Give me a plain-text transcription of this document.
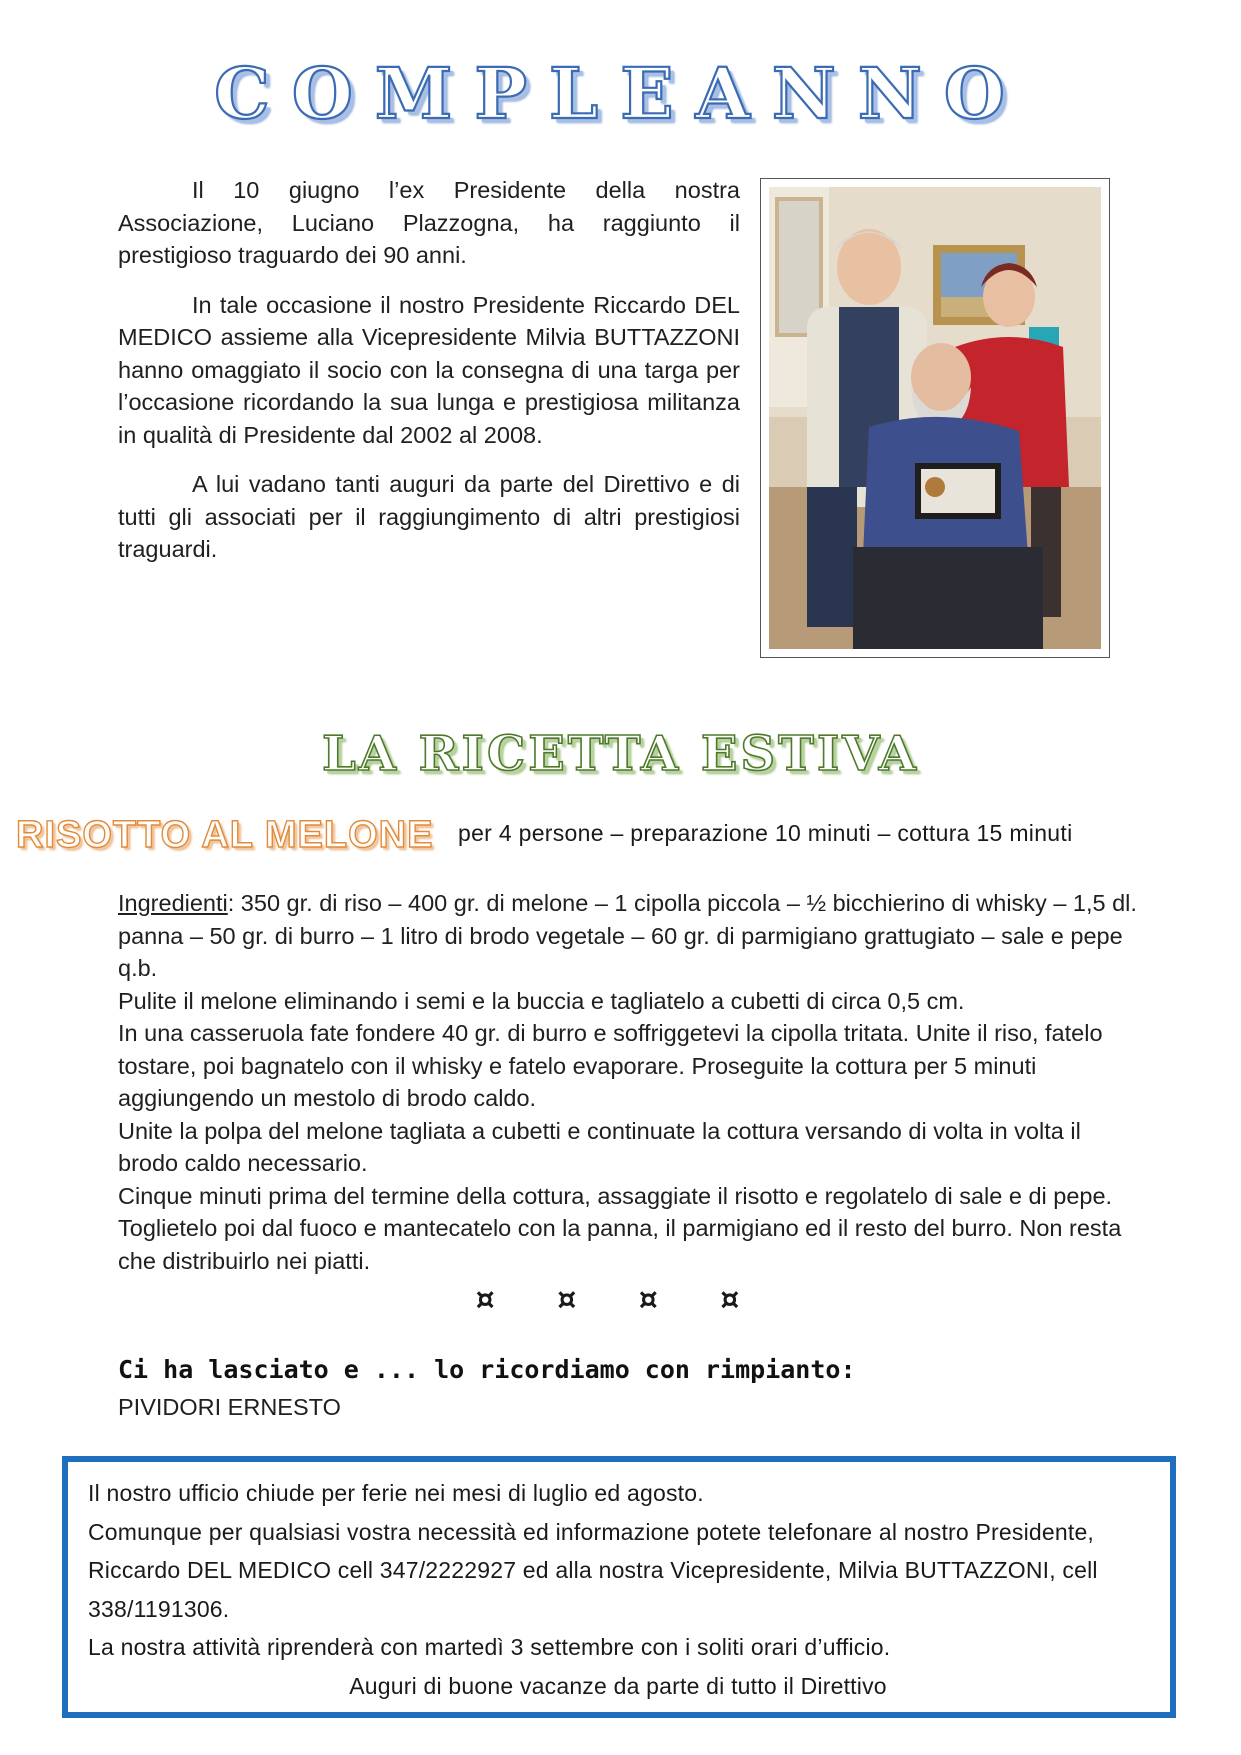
COMPLEANNO

Il 10 giugno l’ex Presidente della nostra Associazione, Luciano Plazzogna, ha raggiunto il prestigioso traguardo dei 90 anni.

In tale occasione il nostro Presidente Riccardo DEL MEDICO assieme alla Vicepresidente Milvia BUTTAZZONI hanno omaggiato il socio con la consegna di una targa per l’occasione ricordando la sua lunga e prestigiosa militanza in qualità di Presidente dal 2002 al 2008.

A lui vadano tanti auguri da parte del Direttivo e di tutti gli associati per il raggiungimento di altri prestigiosi traguardi.

LA RICETTA ESTIVA
RISOTTO AL MELONE per 4 persone – preparazione 10 minuti – cottura 15 minuti

Ingredienti: 350 gr. di riso – 400 gr. di melone – 1 cipolla piccola – ½ bicchierino di whisky – 1,5 dl. panna – 50 gr. di burro – 1 litro di brodo vegetale – 60 gr. di parmigiano grattugiato – sale e pepe q.b.

Pulite il melone eliminando i semi e la buccia e tagliatelo a cubetti di circa 0,5 cm.

In una casseruola fate fondere 40 gr. di burro e soffriggetevi la cipolla tritata. Unite il riso, fatelo tostare, poi bagnatelo con il whisky e fatelo evaporare. Proseguite la cottura per 5 minuti aggiungendo un mestolo di brodo caldo.

Unite la polpa del melone tagliata a cubetti e continuate la cottura versando di volta in volta il brodo caldo necessario.

Cinque minuti prima del termine della cottura, assaggiate il risotto e regolatelo di sale e di pepe. Toglietelo poi dal fuoco e mantecatelo con la panna, il parmigiano ed il resto del burro. Non resta che distribuirlo nei piatti.

¤ ¤ ¤ ¤
Ci ha lasciato e ... lo ricordiamo con rimpianto:
PIVIDORI ERNESTO

Il nostro ufficio chiude per ferie nei mesi di luglio ed agosto.

Comunque per qualsiasi vostra necessità ed informazione potete telefonare al nostro Presidente, Riccardo DEL MEDICO cell 347/2222927 ed alla nostra Vicepresidente, Milvia BUTTAZZONI, cell 338/1191306.

La nostra attività riprenderà con martedì 3 settembre con i soliti orari d’ufficio.

Auguri di buone vacanze da parte di tutto il Direttivo
